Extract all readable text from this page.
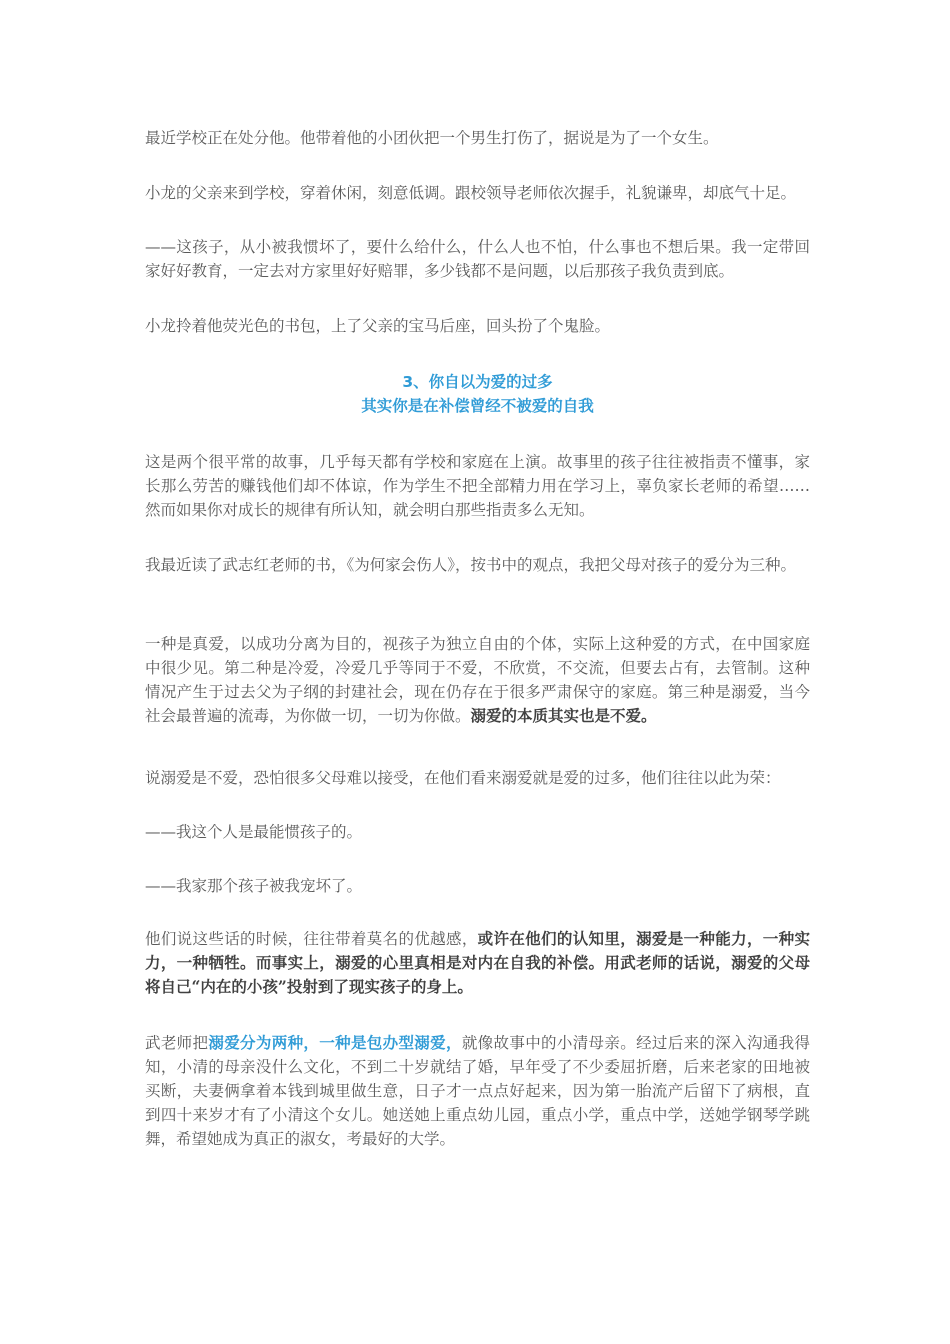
最近学校正在处分他。他带着他的小团伙把一个男生打伤了，据说是为了一个女生。

小龙的父亲来到学校，穿着休闲，刻意低调。跟校领导老师依次握手，礼貌谦卑，却底气十足。

——这孩子，从小被我惯坏了，要什么给什么，什么人也不怕，什么事也不想后果。我一定带回家好好教育，一定去对方家里好好赔罪，多少钱都不是问题，以后那孩子我负责到底。

小龙拎着他荧光色的书包，上了父亲的宝马后座，回头扮了个鬼脸。

3、你自以为爱的过多
其实你是在补偿曾经不被爱的自我

这是两个很平常的故事，几乎每天都有学校和家庭在上演。故事里的孩子往往被指责不懂事，家长那么劳苦的赚钱他们却不体谅，作为学生不把全部精力用在学习上，辜负家长老师的希望……然而如果你对成长的规律有所认知，就会明白那些指责多么无知。

我最近读了武志红老师的书，《为何家会伤人》，按书中的观点，我把父母对孩子的爱分为三种。

一种是真爱，以成功分离为目的，视孩子为独立自由的个体，实际上这种爱的方式，在中国家庭中很少见。第二种是冷爱，冷爱几乎等同于不爱，不欣赏，不交流，但要去占有，去管制。这种情况产生于过去父为子纲的封建社会，现在仍存在于很多严肃保守的家庭。第三种是溺爱，当今社会最普遍的流毒，为你做一切，一切为你做。溺爱的本质其实也是不爱。

说溺爱是不爱，恐怕很多父母难以接受，在他们看来溺爱就是爱的过多，他们往往以此为荣：

——我这个人是最能惯孩子的。

——我家那个孩子被我宠坏了。

他们说这些话的时候，往往带着莫名的优越感，或许在他们的认知里，溺爱是一种能力，一种实力，一种牺牲。而事实上，溺爱的心里真相是对内在自我的补偿。用武老师的话说，溺爱的父母将自己“内在的小孩”投射到了现实孩子的身上。

武老师把溺爱分为两种，一种是包办型溺爱，就像故事中的小清母亲。经过后来的深入沟通我得知，小清的母亲没什么文化，不到二十岁就结了婚，早年受了不少委屈折磨，后来老家的田地被买断，夫妻俩拿着本钱到城里做生意，日子才一点点好起来，因为第一胎流产后留下了病根，直到四十来岁才有了小清这个女儿。她送她上重点幼儿园，重点小学，重点中学，送她学钢琴学跳舞，希望她成为真正的淑女，考最好的大学。
